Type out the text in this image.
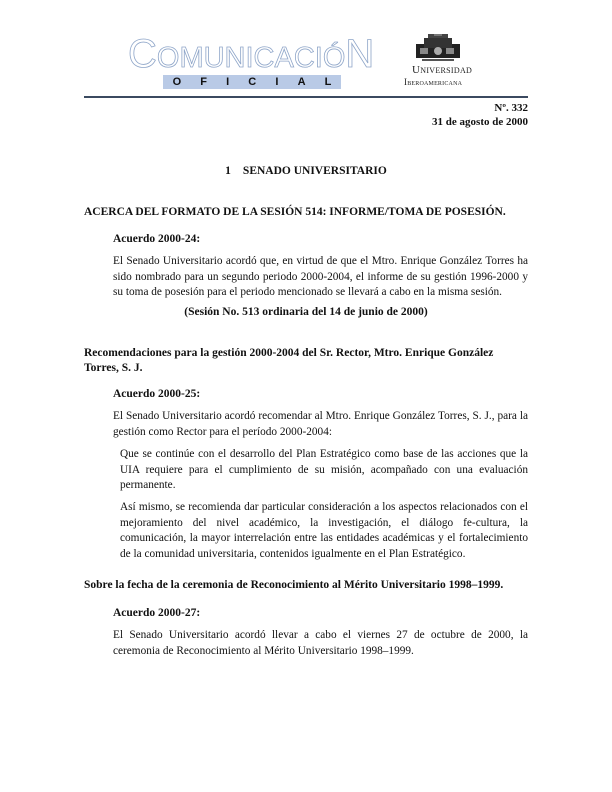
COMUNICACIÓN
O F I C I A L
Universidad
Iberoamericana
Nº. 332
31 de agosto de 2000
1 SENADO UNIVERSITARIO
ACERCA DEL FORMATO DE LA SESIÓN 514: INFORME/TOMA DE POSESIÓN.
Acuerdo 2000-24:
El Senado Universitario acordó que, en virtud de que el Mtro. Enrique González Torres ha sido nombrado para un segundo periodo 2000-2004, el informe de su gestión 1996-2000 y su toma de posesión para el periodo mencionado se llevará a cabo en la misma sesión.
(Sesión No. 513 ordinaria del 14 de junio de 2000)
Recomendaciones para la gestión 2000-2004 del Sr. Rector, Mtro. Enrique González Torres, S. J.
Acuerdo 2000-25:
El Senado Universitario acordó recomendar al Mtro. Enrique González Torres, S. J., para la gestión como Rector para el período 2000-2004:
Que se continúe con el desarrollo del Plan Estratégico como base de las acciones que la UIA requiere para el cumplimiento de su misión, acompañado con una evaluación permanente.
Así mismo, se recomienda dar particular consideración a los aspectos relacionados con el mejoramiento del nivel académico, la investigación, el diálogo fe-cultura, la comunicación, la mayor interrelación entre las entidades académicas y el fortalecimiento de la comunidad universitaria, contenidos igualmente en el Plan Estratégico.
Sobre la fecha de la ceremonia de Reconocimiento al Mérito Universitario 1998–1999.
Acuerdo 2000-27:
El Senado Universitario acordó llevar a cabo el viernes 27 de octubre de 2000, la ceremonia de Reconocimiento al Mérito Universitario 1998–1999.
